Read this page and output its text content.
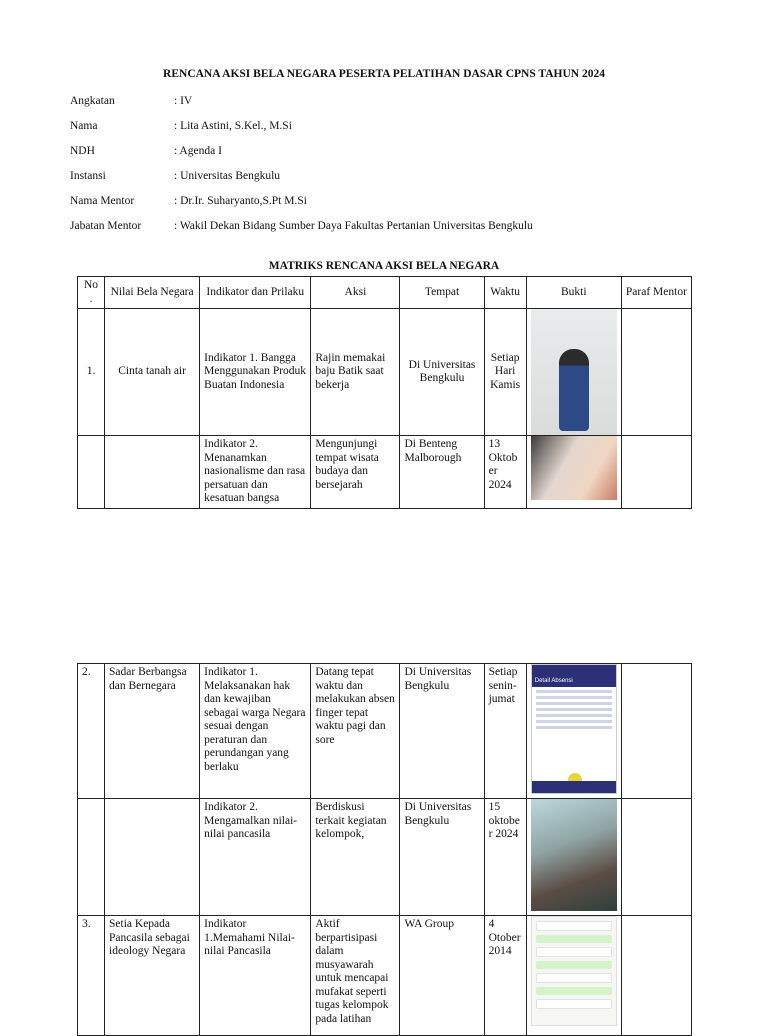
RENCANA AKSI BELA NEGARA PESERTA PELATIHAN DASAR CPNS TAHUN 2024
Angkatan	: IV
Nama	: Lita Astini, S.Kel., M.Si
NDH	: Agenda I
Instansi	: Universitas Bengkulu
Nama Mentor	: Dr.Ir. Suharyanto,S.Pt M.Si
Jabatan Mentor	: Wakil Dekan Bidang Sumber Daya Fakultas Pertanian Universitas Bengkulu
MATRIKS RENCANA AKSI BELA NEGARA
No .	Nilai Bela Negara	Indikator dan Prilaku	Aksi	Tempat	Waktu	Bukti	Paraf Mentor
1.	Cinta tanah air	Indikator 1. Bangga Menggunakan Produk Buatan Indonesia	Rajin memakai baju Batik saat bekerja	Di Universitas Bengkulu	Setiap Hari Kamis	

		Indikator 2. Menanamkan nasionalisme dan rasa persatuan dan kesatuan bangsa	Mengunjungi tempat wisata budaya dan bersejarah	Di Benteng Malborough	13 Oktob er 2024	

2.	Sadar Berbangsa dan Bernegara	Indikator 1. Melaksanakan hak dan kewajiban sebagai warga Negara sesuai dengan peraturan dan perundangan yang berlaku	Datang tepat waktu dan melakukan absen finger tepat waktu pagi dan sore	Di Universitas Bengkulu	Setiap senin-jumat	Detail Absensi	

		Indikator 2. Mengamalkan nilai-nilai pancasila	Berdiskusi terkait kegiatan kelompok,	Di Universitas Bengkulu	15 oktobe r 2024	

3.	Setia Kepada Pancasila sebagai ideology Negara	Indikator 1.Memahami Nilai-nilai Pancasila	Aktif berpartisipasi dalam musyawarah untuk mencapai mufakat seperti tugas kelompok pada latihan	WA Group	4 Otober 2014	
